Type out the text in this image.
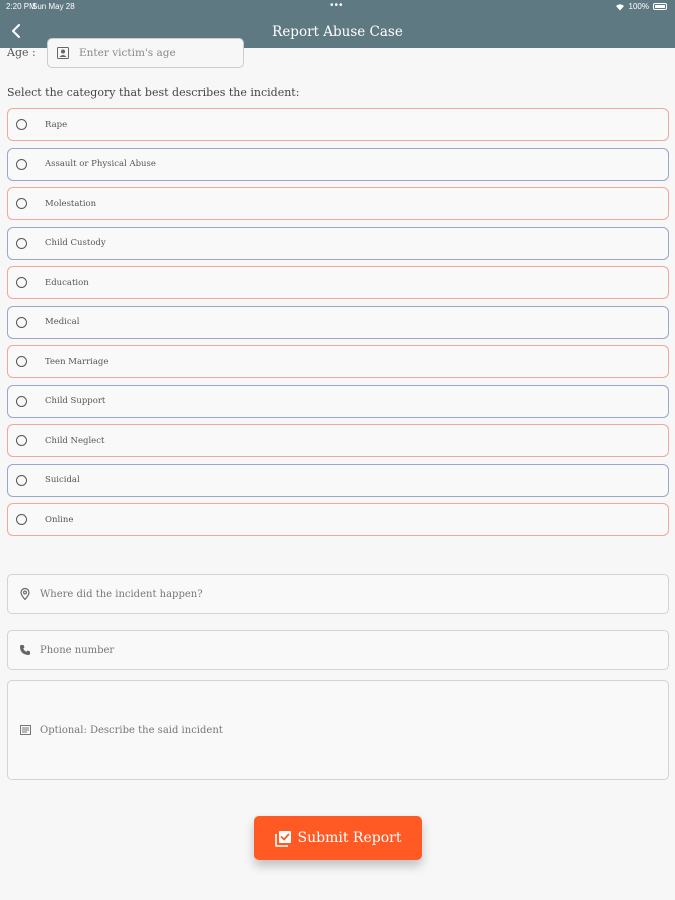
2:20 PM
Sun May 28	•••	100%
Report Abuse Case
Age :	Enter victim's age
Select the category that best describes the incident:
Rape
Assault or Physical Abuse
Molestation
Child Custody
Education
Medical
Teen Marriage
Child Support
Child Neglect
Suicidal
Online
Where did the incident happen?
Phone number
Optional: Describe the said incident
Submit Report
